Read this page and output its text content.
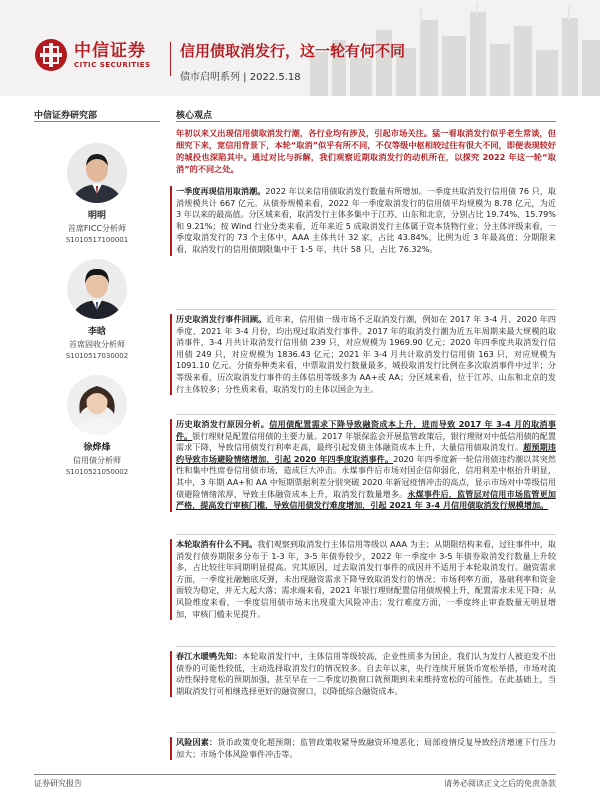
中信证券
CITIC SECURITIES
信用债取消发行，这一轮有何不同
债市启明系列 | 2022.5.18
中信证券研究部	核心观点
明明
首席FICC分析师
S1010517100001
李晗
首席固收分析师
S1010517030002
徐烨烽
信用债分析师
S1010521050002
年初以来又出现信用债取消发行潮，各行业均有涉及，引起市场关注。猛一看取消发行似乎老生常谈，但细究下来，宽信用背景下，本轮“取消”似乎有所不同，不仅等级中枢相较过往有很大不同，即便表现较好的城投也深陷其中。通过对比与拆解，我们观察近期取消发行的动机所在，以探究 2022 年这一轮“取消”的不同之处。
一季度再现信用取消潮。2022 年以来信用债取消发行数量有所增加。一季度共取消发行信用债 76 只，取消规模共计 667 亿元。从债券规模来看，2022 年一季度取消发行的信用债平均规模为 8.78 亿元，为近 3 年以来的最高值。分区域来看，取消发行主体多集中于江苏、山东和北京，分别占比 19.74%、15.79%和 9.21%；按 Wind 行业分类来看，近年来近 5 成取消发行主体属于资本货物行业；分主体评级来看，一季度取消发行的 73 个主体中，AAA 主体共计 32 家，占比 43.84%，比例为近 3 年最高值；分期限来看，取消发行的信用债期限集中于 1-5 年，共计 58 只，占比 76.32%。
历史取消发行事件回顾。近年来，信用债一级市场不乏取消发行潮，例如在 2017 年 3-4 月、2020 年四季度、2021 年 3-4 月份，均出现过取消发行事件。2017 年的取消发行潮为近五年周期来最大规模的取消事件，3-4 月共计取消发行信用债 239 只，对应规模为 1969.90 亿元；2020 年四季度共取消发行信用债 249 只，对应规模为 1836.43 亿元；2021 年 3-4 月共计取消发行信用债 163 只，对应规模为 1091.10 亿元。分债券种类来看，中票取消发行数量最多，城投取消发行比例在多次取消事件中过半；分等级来看，历次取消发行事件的主体信用等级多为 AA+或 AA；分区域来看，位于江苏、山东和北京的发行主体较多；分性质来看，取消发行的主体以国企为主。
历史取消发行原因分析。信用债配置需求下降导致融资成本上升，进而导致 2017 年 3-4 月的取消事件。银行理财是配置信用债的主要力量。2017 年银保监会开展监管政策后，银行理财对中低信用债的配置需求下降，导致信用债发行利率走高，最终引起发债主体融资成本上升，大量信用债取消发行。超预期违约导致市场避险情绪增加，引起 2020 年四季度取消事件。2020 年四季度新一轮信用债违约潮以其突然性和集中性席卷信用债市场，造成巨大冲击。永煤事件后市场对国企信仰弱化，信用利差中枢抬升明显，其中，3 年期 AA+和 AA 中短期票据利差分别突破 2020 年新冠疫情冲击的高点，显示市场对中等级信用债避险情绪浓厚，导致主体融资成本上升，取消发行数量增多。永煤事件后，监管层对信用市场监管更加严格，提高发行审核门槛，导致信用债发行难度增加，引起 2021 年 3-4 月信用债取消发行规模增加。
本轮取消有什么不同。我们观察到取消发行主体信用等级以 AAA 为主；从期限结构来看，过往事件中，取消发行债券期限多分布于 1-3 年，3-5 年债券较少，2022 年一季度中 3-5 年债券取消发行数量上升较多，占比较往年同期明显提高。究其原因，过去取消发行事件的成因并不适用于本轮取消发行。融资需求方面，一季度社融触底反弹，未出现融资需求下降导致取消发行的情况；市场利率方面，基础利率和资金面较为稳定，并无大起大落；需求端来看，2021 年银行理财配置信用债规模上升，配置需求未见下降；从风险维度来看，一季度信用债市场未出现重大风险冲击；发行难度方面，一季度终止审查数量无明显增加，审核门槛未见提升。
春江水暖鸭先知：本轮取消发行中，主体信用等级较高，企业性质多为国企，我们认为发行人被迫发不出债券的可能性较低，主动选择取消发行的情况较多。自去年以来，央行连续开展货币宽松举措，市场对流动性保持宽松的预期加强，甚至早在一二季度切换窗口就预期到未来维持宽松的可能性。在此基础上，当期取消发行可相继选择更好的融资窗口，以降低综合融资成本。
风险因素：货币政策变化超预期；监管政策收紧导致融资环境恶化；局部疫情反复导致经济增速下行压力加大；市场个体风险事件冲击等。
证券研究报告	请务必阅读正文之后的免责条款
